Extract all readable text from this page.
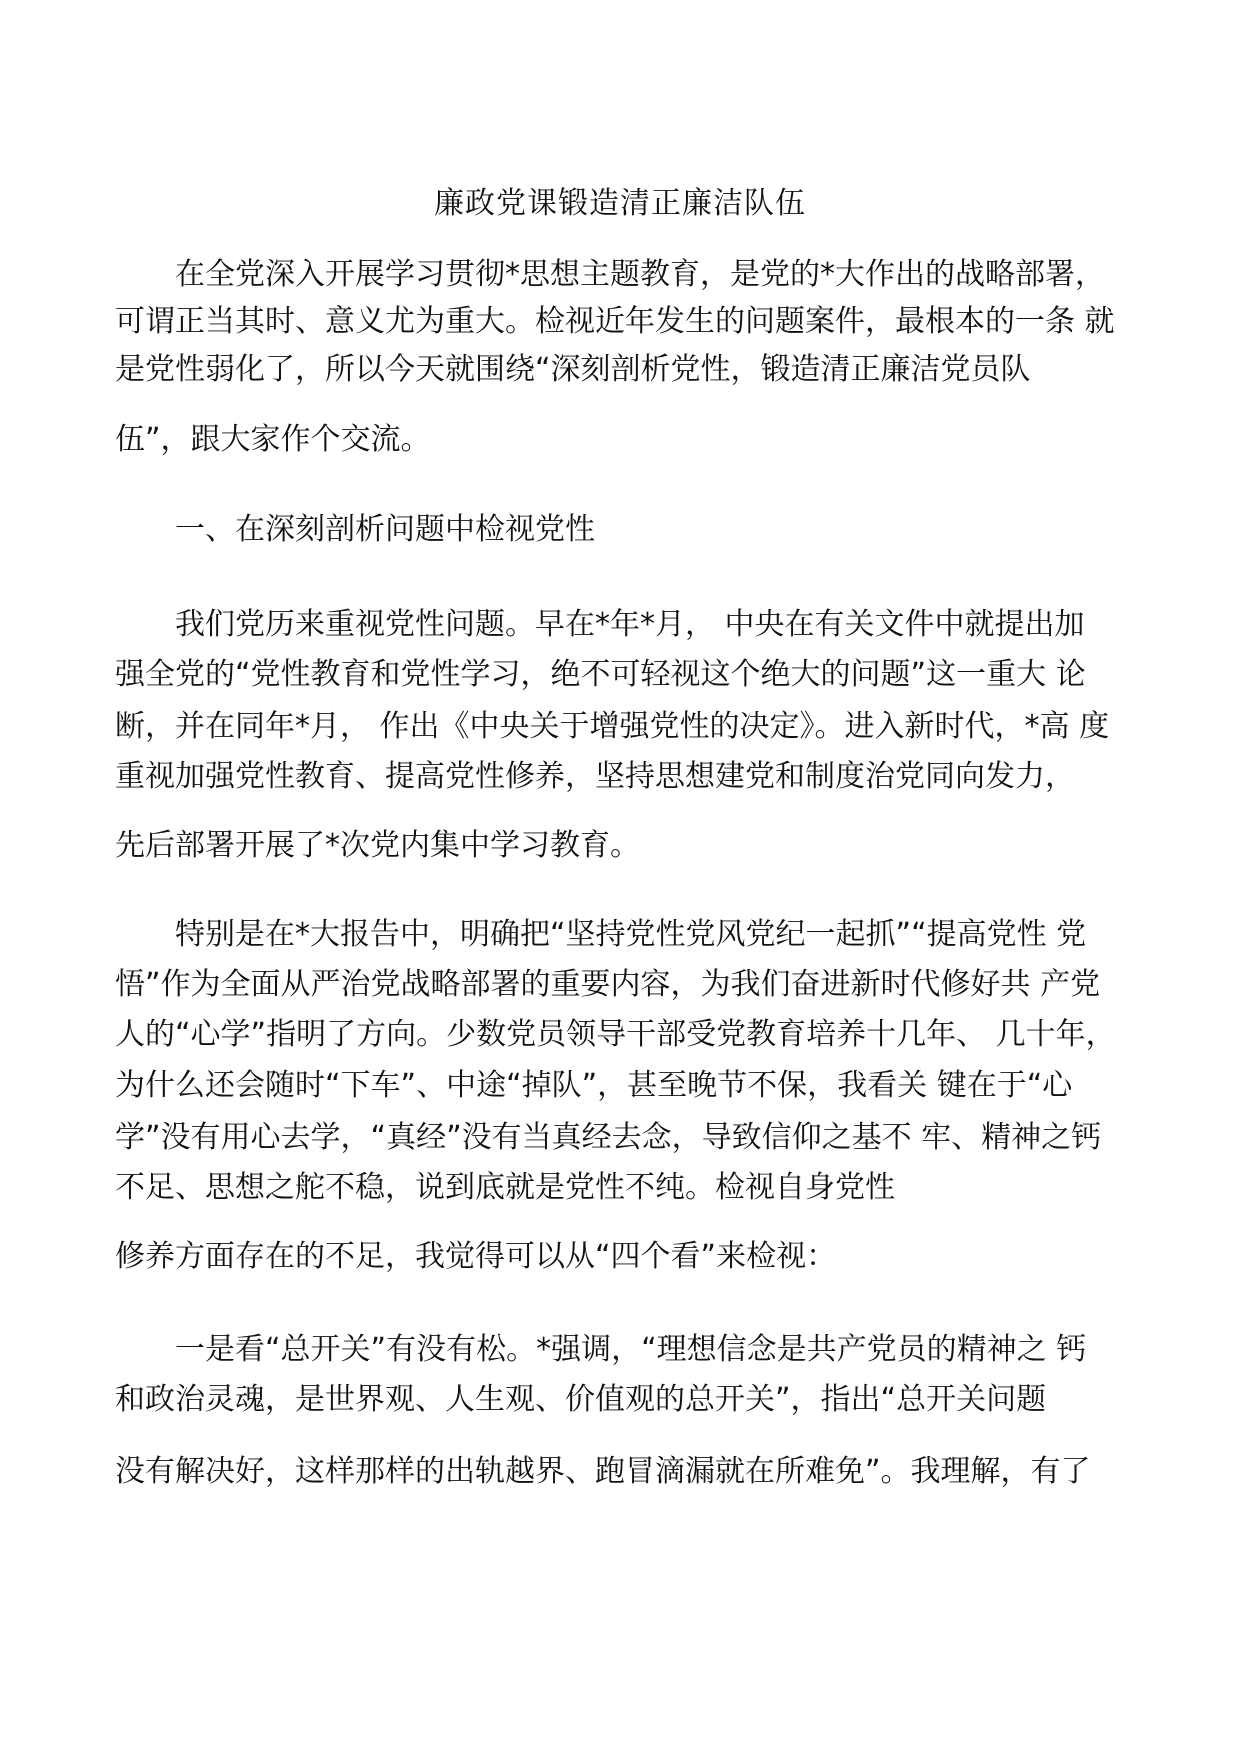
廉政党课锻造清正廉洁队伍

在全党深入开展学习贯彻*思想主题教育，是党的*大作出的战略部署，

可谓正当其时、意义尤为重大。检视近年发生的问题案件，最根本的一条 就

是党性弱化了，所以今天就围绕“深刻剖析党性，锻造清正廉洁党员队

伍”，跟大家作个交流。

一、在深刻剖析问题中检视党性

我们党历来重视党性问题。早在*年*月， 中央在有关文件中就提出加

强全党的“党性教育和党性学习，绝不可轻视这个绝大的问题”这一重大 论

断，并在同年*月， 作出《中央关于增强党性的决定》。进入新时代，*高 度

重视加强党性教育、提高党性修养，坚持思想建党和制度治党同向发力，

先后部署开展了*次党内集中学习教育。

特别是在*大报告中，明确把“坚持党性党风党纪一起抓”“提高党性 党

悟”作为全面从严治党战略部署的重要内容，为我们奋进新时代修好共 产党

人的“心学”指明了方向。少数党员领导干部受党教育培养十几年、 几十年，

为什么还会随时“下车”、中途“掉队”，甚至晚节不保，我看关 键在于“心

学”没有用心去学，“真经”没有当真经去念，导致信仰之基不 牢、精神之钙

不足、思想之舵不稳，说到底就是党性不纯。检视自身党性

修养方面存在的不足，我觉得可以从“四个看”来检视：

一是看“总开关”有没有松。*强调，“理想信念是共产党员的精神之 钙

和政治灵魂，是世界观、人生观、价值观的总开关”，指出“总开关问题

没有解决好，这样那样的出轨越界、跑冒滴漏就在所难免”。我理解，有了
